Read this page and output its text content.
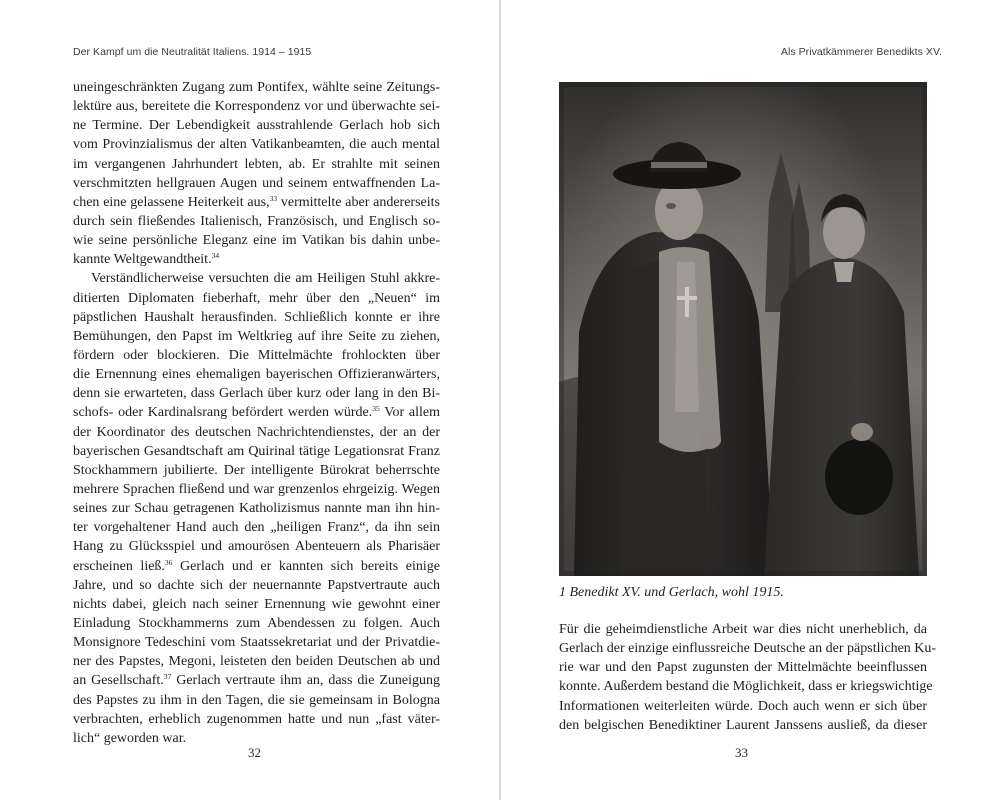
Der Kampf um die Neutralität Italiens. 1914 – 1915
uneingeschränkten Zugang zum Pontifex, wählte seine Zeitungs-
lektüre aus, bereitete die Korrespondenz vor und überwachte sei-
ne Termine. Der Lebendigkeit ausstrahlende Gerlach hob sich
vom Provinzialismus der alten Vatikanbeamten, die auch mental
im vergangenen Jahrhundert lebten, ab. Er strahlte mit seinen
verschmitzten hellgrauen Augen und seinem entwaffnenden La-
chen eine gelassene Heiterkeit aus,$^{33}$ vermittelte aber andererseits
durch sein fließendes Italienisch, Französisch, und Englisch so-
wie seine persönliche Eleganz eine im Vatikan bis dahin unbe-
kannte Weltgewandtheit.$^{34}$
Verständlicherweise versuchten die am Heiligen Stuhl akkre-
ditierten Diplomaten fieberhaft, mehr über den „Neuen“ im
päpstlichen Haushalt herausfinden. Schließlich konnte er ihre
Bemühungen, den Papst im Weltkrieg auf ihre Seite zu ziehen,
fördern oder blockieren. Die Mittelmächte frohlockten über
die Ernennung eines ehemaligen bayerischen Offizieranwärters,
denn sie erwarteten, dass Gerlach über kurz oder lang in den Bi-
schofs- oder Kardinalsrang befördert werden würde.$^{35}$ Vor allem
der Koordinator des deutschen Nachrichtendienstes, der an der
bayerischen Gesandtschaft am Quirinal tätige Legationsrat Franz
Stockhammern jubilierte. Der intelligente Bürokrat beherrschte
mehrere Sprachen fließend und war grenzenlos ehrgeizig. Wegen
seines zur Schau getragenen Katholizismus nannte man ihn hin-
ter vorgehaltener Hand auch den „heiligen Franz“, da ihn sein
Hang zu Glücksspiel und amourösen Abenteuern als Pharisäer
erscheinen ließ.$^{36}$ Gerlach und er kannten sich bereits einige
Jahre, und so dachte sich der neuernannte Papstvertraute auch
nichts dabei, gleich nach seiner Ernennung wie gewohnt einer
Einladung Stockhammerns zum Abendessen zu folgen. Auch
Monsignore Tedeschini vom Staatssekretariat und der Privatdie-
ner des Papstes, Megoni, leisteten den beiden Deutschen ab und
an Gesellschaft.$^{37}$ Gerlach vertraute ihm an, dass die Zuneigung
des Papstes zu ihm in den Tagen, die sie gemeinsam in Bologna
verbrachten, erheblich zugenommen hatte und nun „fast väter-
lich“ geworden war.
32
Als Privatkämmerer Benedikts XV.
1 Benedikt XV. und Gerlach, wohl 1915.
Für die geheimdienstliche Arbeit war dies nicht unerheblich, da
Gerlach der einzige einflussreiche Deutsche an der päpstlichen Ku-
rie war und den Papst zugunsten der Mittelmächte beeinflussen
konnte. Außerdem bestand die Möglichkeit, dass er kriegswichtige
Informationen weiterleiten würde. Doch auch wenn er sich über
den belgischen Benediktiner Laurent Janssens ausließ, da dieser
33
